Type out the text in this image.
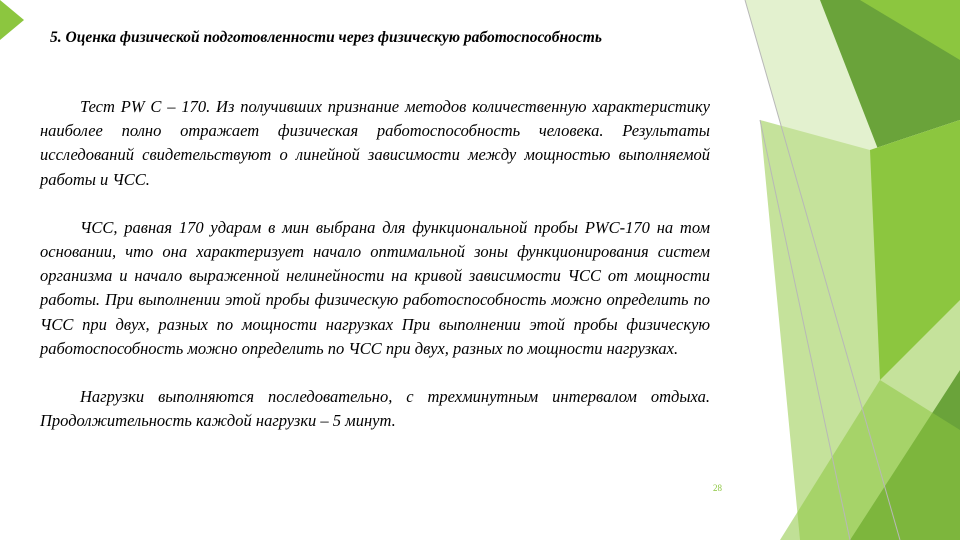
5. Оценка физической подготовленности через физическую работоспособность

Тест PW C – 170. Из получивших признание методов количественную характеристику наиболее полно отражает физическая работоспособность человека. Результаты исследований свидетельствуют о линейной зависимости между мощностью выполняемой работы и ЧСС.

ЧСС, равная 170 ударам в мин выбрана для функциональной пробы PWC-170 на том основании, что она характеризует начало оптимальной зоны функционирования систем организма и начало выраженной нелинейности на кривой зависимости ЧСС от мощности работы. При выполнении этой пробы физическую работоспособность можно определить по ЧСС при двух, разных по мощности нагрузках При выполнении этой пробы физическую работоспособность можно определить по ЧСС при двух, разных по мощности нагрузках.

Нагрузки выполняются последовательно, с трехминутным интервалом отдыха. Продолжительность каждой нагрузки – 5 минут.

28
